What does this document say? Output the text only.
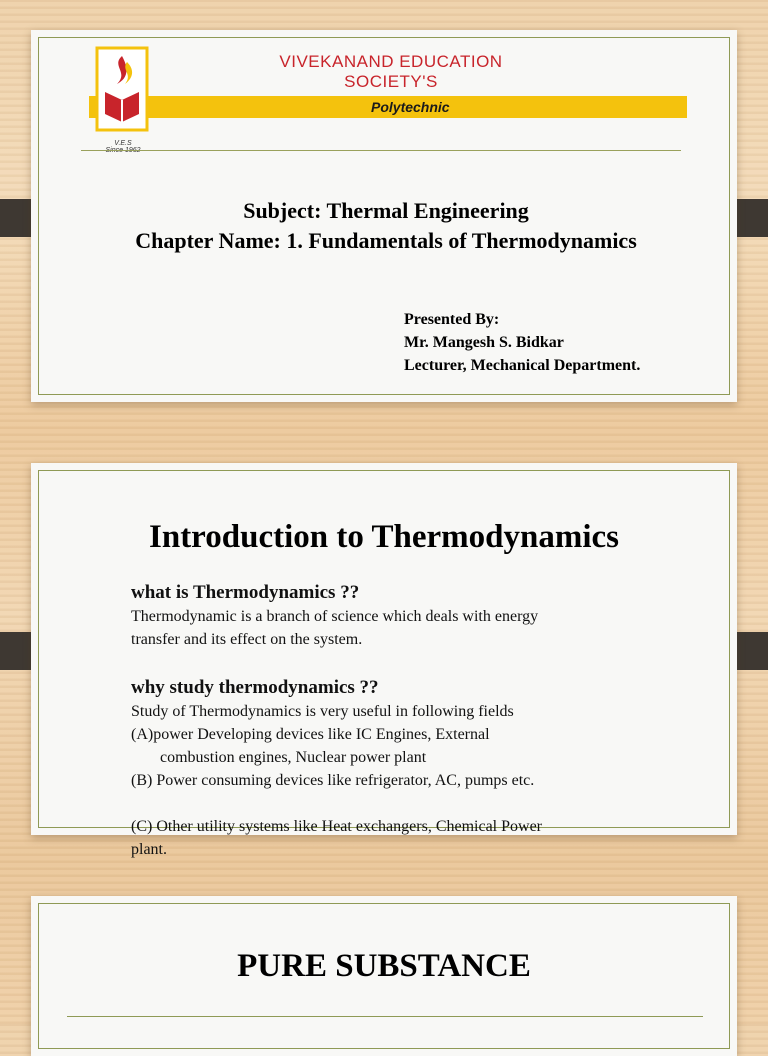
V.E.S

VIVEKANAND EDUCATION
SOCIETY'S
Polytechnic
Subject: Thermal Engineering
Chapter Name: 1. Fundamentals of Thermodynamics
Presented By:
Mr. Mangesh S. Bidkar
Lecturer, Mechanical Department.
Introduction to Thermodynamics
what is Thermodynamics ??
Thermodynamic is a branch of science which deals with energy
transfer and its effect on the system.
why study thermodynamics ??
Study of Thermodynamics is very useful in following fields
(A)power Developing devices like IC Engines, External
combustion engines, Nuclear power plant
(B) Power consuming devices like refrigerator, AC, pumps etc.
(C) Other utility systems like Heat exchangers, Chemical Power
plant.
PURE SUBSTANCE
